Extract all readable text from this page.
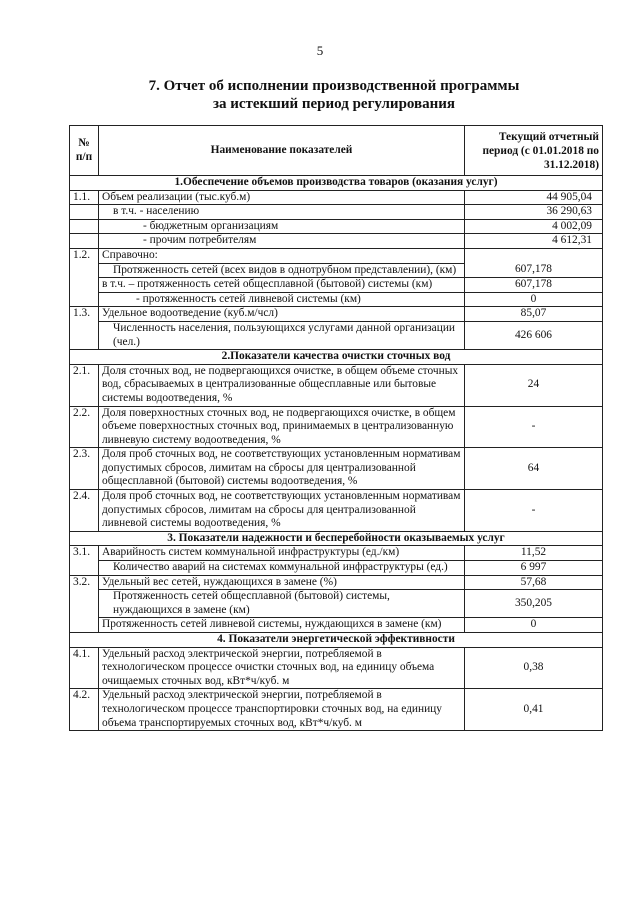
5
7. Отчет об исполнении производственной программы
за истекший период регулирования
№
п/п	Наименование показателей	Текущий отчетный период (с 01.01.2018 по 31.12.2018)
1.Обеспечение объемов производства товаров (оказания услуг)		
1.1.	Объем реализации (тыс.куб.м)	44 905,04
	в т.ч. - населению	36 290,63
	- бюджетным организациям	4 002,09
	- прочим потребителям	4 612,31
1.2.	Справочно:	
	Протяженность сетей (всех видов в однотрубном представлении), (км)	607,178
	в т.ч. – протяженность сетей общесплавной (бытовой) системы (км)	607,178
	- протяженность сетей ливневой системы (км)	0
1.3.	Удельное водоотведение (куб.м/чсл)	85,07
	Численность населения, пользующихся услугами данной организации (чел.)	426 606
2.Показатели качества очистки сточных вод		
2.1.	Доля сточных вод, не подвергающихся очистке, в общем объеме сточных вод, сбрасываемых в централизованные общесплавные или бытовые системы водоотведения, %	24
2.2.	Доля поверхностных сточных вод, не подвергающихся очистке, в общем объеме поверхностных сточных вод, принимаемых в централизованную ливневую систему водоотведения, %	-
2.3.	Доля проб сточных вод, не соответствующих установленным нормативам допустимых сбросов, лимитам на сбросы для централизованной общесплавной (бытовой) системы водоотведения, %	64
2.4.	Доля проб сточных вод, не соответствующих установленным нормативам допустимых сбросов, лимитам на сбросы для централизованной ливневой системы водоотведения, %	-
3. Показатели надежности и бесперебойности оказываемых услуг		
3.1.	Аварийность систем коммунальной инфраструктуры (ед./км)	11,52
	Количество аварий на системах коммунальной инфраструктуры (ед.)	6 997
3.2.	Удельный вес сетей, нуждающихся в замене (%)	57,68
	Протяженность сетей общесплавной (бытовой) системы, нуждающихся в замене (км)	350,205
	Протяженность сетей ливневой системы, нуждающихся в замене (км)	0
4. Показатели энергетической эффективности		
4.1.	Удельный расход электрической энергии, потребляемой в технологическом процессе очистки сточных вод, на единицу объема очищаемых сточных вод, кВт*ч/куб. м	0,38
4.2.	Удельный расход электрической энергии, потребляемой в технологическом процессе транспортировки сточных вод, на единицу объема транспортируемых сточных вод, кВт*ч/куб. м	0,41
